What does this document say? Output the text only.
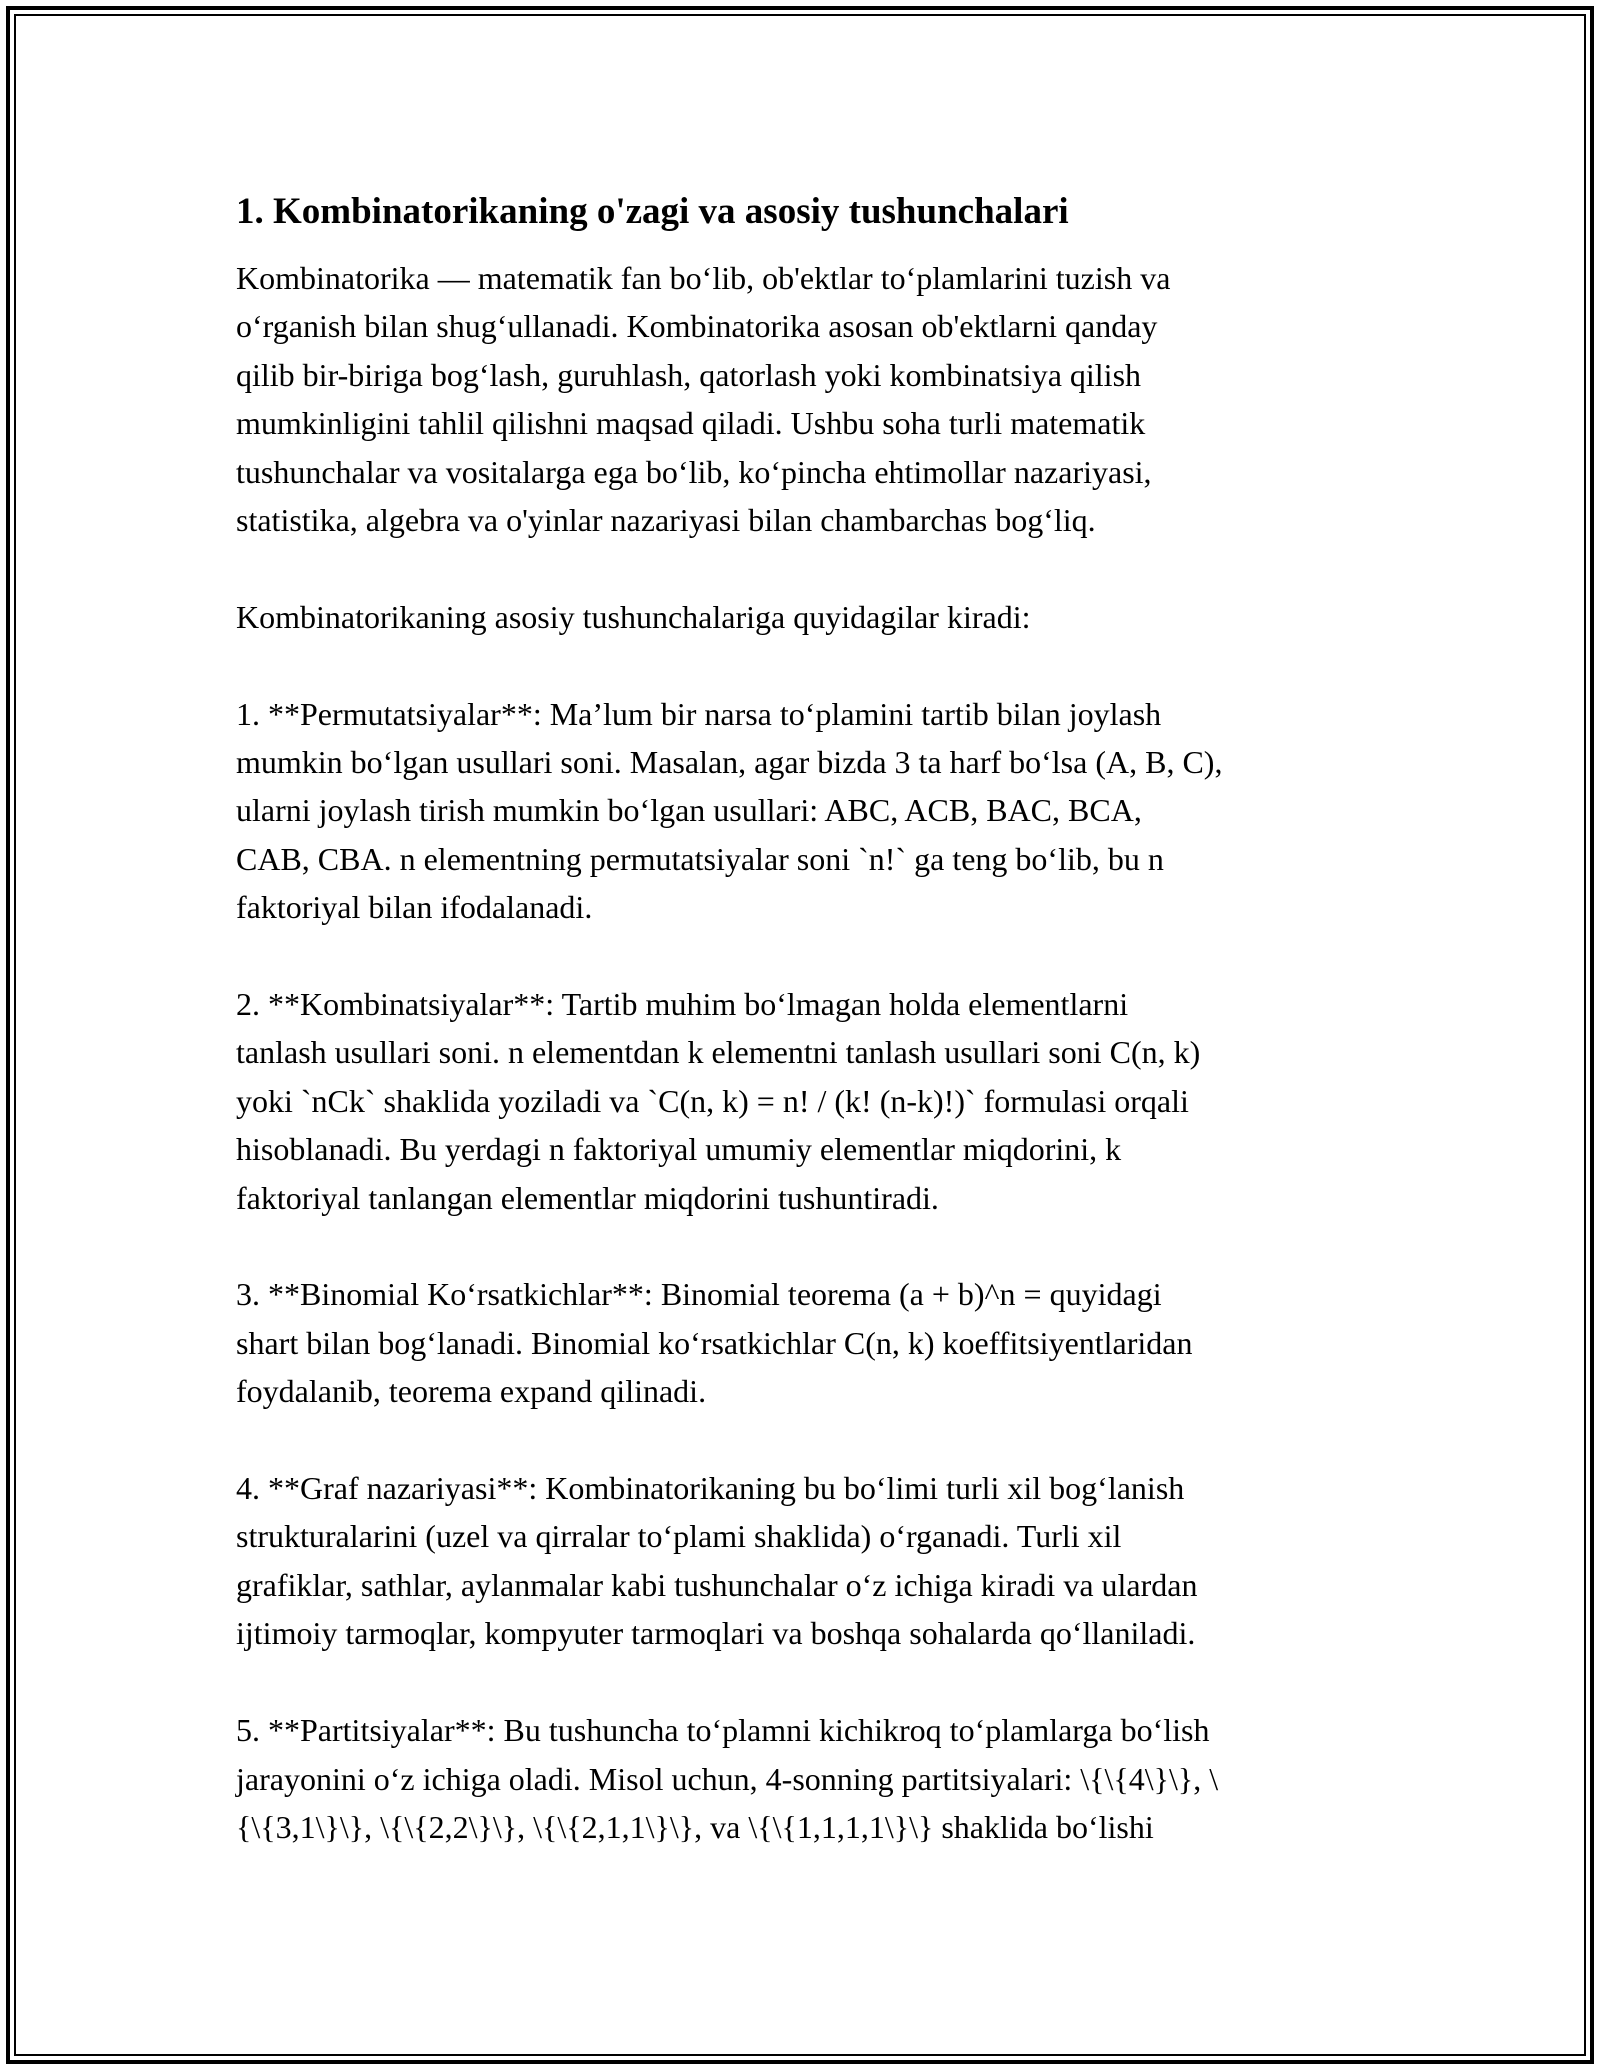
1. Kombinatorikaning o'zagi va asosiy tushunchalari

Kombinatorika — matematik fan bo‘lib, ob'ektlar to‘plamlarini tuzish va
o‘rganish bilan shug‘ullanadi. Kombinatorika asosan ob'ektlarni qanday
qilib bir-biriga bog‘lash, guruhlash, qatorlash yoki kombinatsiya qilish
mumkinligini tahlil qilishni maqsad qiladi. Ushbu soha turli matematik
tushunchalar va vositalarga ega bo‘lib, ko‘pincha ehtimollar nazariyasi,
statistika, algebra va o'yinlar nazariyasi bilan chambarchas bog‘liq.

Kombinatorikaning asosiy tushunchalariga quyidagilar kiradi:

1. **Permutatsiyalar**: Ma’lum bir narsa to‘plamini tartib bilan joylash
mumkin bo‘lgan usullari soni. Masalan, agar bizda 3 ta harf bo‘lsa (A, B, C),
ularni joylash tirish mumkin bo‘lgan usullari: ABC, ACB, BAC, BCA,
CAB, CBA. n elementning permutatsiyalar soni `n!` ga teng bo‘lib, bu n
faktoriyal bilan ifodalanadi.

2. **Kombinatsiyalar**: Tartib muhim bo‘lmagan holda elementlarni
tanlash usullari soni. n elementdan k elementni tanlash usullari soni C(n, k)
yoki `nCk` shaklida yoziladi va `C(n, k) = n! / (k! (n-k)!)` formulasi orqali
hisoblanadi. Bu yerdagi n faktoriyal umumiy elementlar miqdorini, k
faktoriyal tanlangan elementlar miqdorini tushuntiradi.

3. **Binomial Ko‘rsatkichlar**: Binomial teorema (a + b)^n = quyidagi
shart bilan bog‘lanadi. Binomial ko‘rsatkichlar C(n, k) koeffitsiyentlaridan
foydalanib, teorema expand qilinadi.

4. **Graf nazariyasi**: Kombinatorikaning bu bo‘limi turli xil bog‘lanish
strukturalarini (uzel va qirralar to‘plami shaklida) o‘rganadi. Turli xil
grafiklar, sathlar, aylanmalar kabi tushunchalar o‘z ichiga kiradi va ulardan
ijtimoiy tarmoqlar, kompyuter tarmoqlari va boshqa sohalarda qo‘llaniladi.

5. **Partitsiyalar**: Bu tushuncha to‘plamni kichikroq to‘plamlarga bo‘lish
jarayonini o‘z ichiga oladi. Misol uchun, 4-sonning partitsiyalari: \{\{4\}\}, \
{\{3,1\}\}, \{\{2,2\}\}, \{\{2,1,1\}\}, va \{\{1,1,1,1\}\} shaklida bo‘lishi
